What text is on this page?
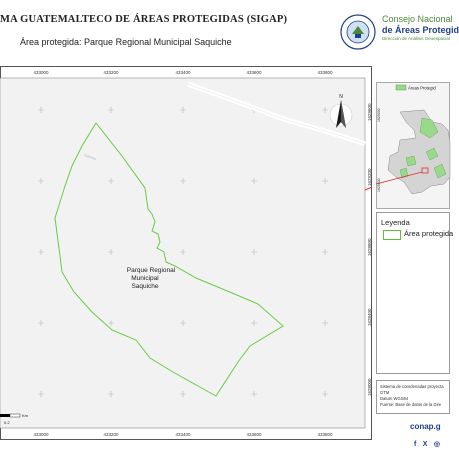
MA GUATEMALTECO DE ÁREAS PROTEGIDAS (SIGAP)
Área protegida: Parque Regional Municipal Saquiche
Consejo Nacional
de Áreas Protegid
Dirección de Análisis Geoespacial
433000	433200	433400	433600	433800
433000	433200	433400	433600	433800
Camino
Parque Regional
Municipal
Saquiche
N
Km
0.2
1628000
1628400
1628800
1629200
1629600
Áreas Protegid
1625000
1625000
Leyenda
Área protegida
Sistema de coordenadas proyecta
GTM
Datum WGS84
Fuente: Base de datos de la Dire
conap.g
f X ◎
